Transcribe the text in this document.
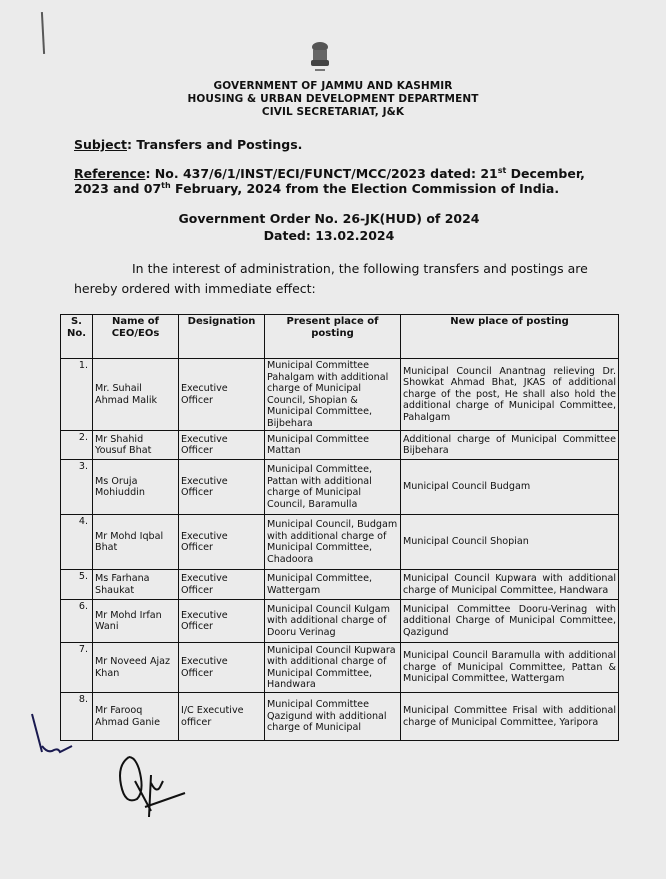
GOVERNMENT OF JAMMU AND KASHMIR
HOUSING & URBAN DEVELOPMENT DEPARTMENT
CIVIL SECRETARIAT, J&K
Subject: Transfers and Postings.
Reference: No. 437/6/1/INST/ECI/FUNCT/MCC/2023 dated: 21st December, 2023 and 07th February, 2024 from the Election Commission of India.
Government Order No. 26-JK(HUD) of 2024
Dated: 13.02.2024
In the interest of administration, the following transfers and postings are hereby ordered with immediate effect:
S. No.	Name of CEO/EOs	Designation	Present place of posting	New place of posting
1.	Mr. Suhail Ahmad Malik	Executive Officer	Municipal Committee Pahalgam with additional charge of Municipal Council, Shopian & Municipal Committee, Bijbehara	Municipal Council Anantnag relieving Dr. Showkat Ahmad Bhat, JKAS of additional charge of the post, He shall also hold the additional charge of Municipal Committee, Pahalgam
2.	Mr Shahid Yousuf Bhat	Executive Officer	Municipal Committee Mattan	Additional charge of Municipal Committee Bijbehara
3.	Ms Oruja Mohiuddin	Executive Officer	Municipal Committee, Pattan with additional charge of Municipal Council, Baramulla	Municipal Council Budgam
4.	Mr Mohd Iqbal Bhat	Executive Officer	Municipal Council, Budgam with additional charge of Municipal Committee, Chadoora	Municipal Council Shopian
5.	Ms Farhana Shaukat	Executive Officer	Municipal Committee, Wattergam	Municipal Council Kupwara with additional charge of Municipal Committee, Handwara
6.	Mr Mohd Irfan Wani	Executive Officer	Municipal Council Kulgam with additional charge of Dooru Verinag	Municipal Committee Dooru-Verinag with additional Charge of Municipal Committee, Qazigund
7.	Mr Noveed Ajaz Khan	Executive Officer	Municipal Council Kupwara with additional charge of Municipal Committee, Handwara	Municipal Council Baramulla with additional charge of Municipal Committee, Pattan & Municipal Committee, Wattergam
8.	Mr Farooq Ahmad Ganie	I/C Executive officer	Municipal Committee Qazigund with additional charge of Municipal	Municipal Committee Frisal with additional charge of Municipal Committee, Yaripora
